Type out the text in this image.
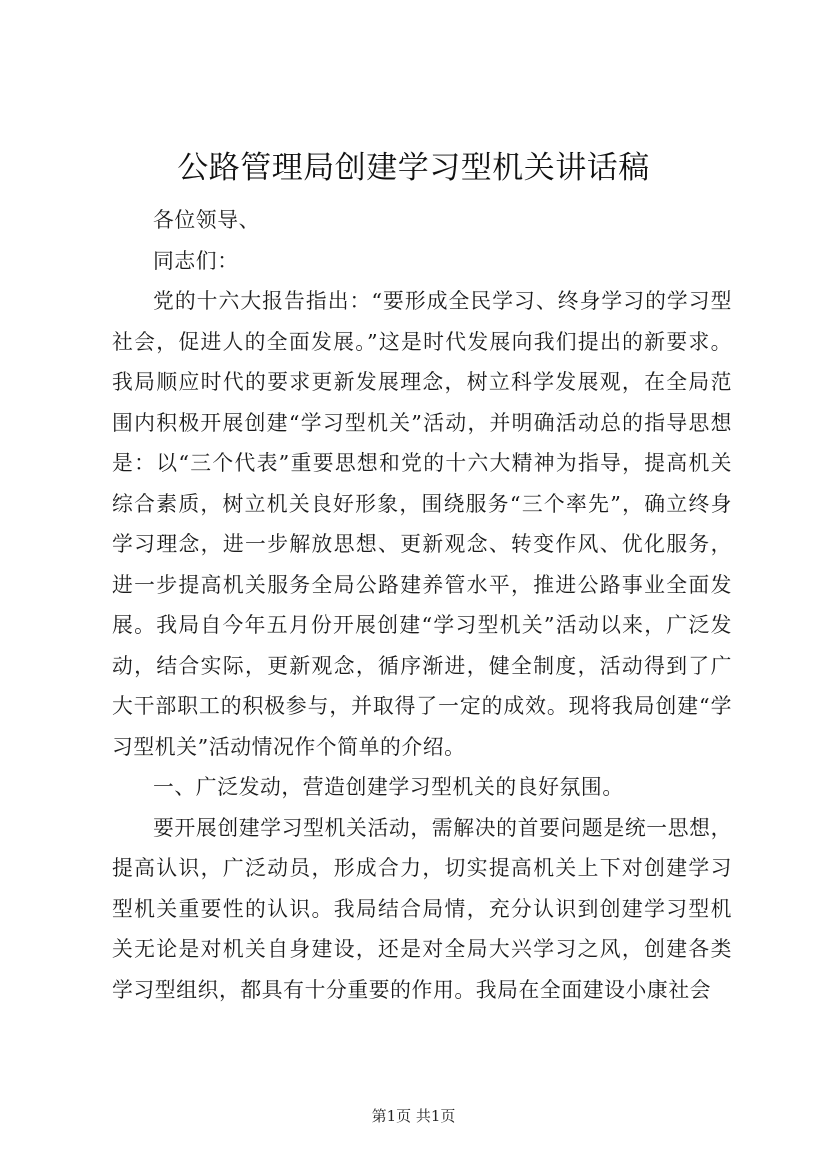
公路管理局创建学习型机关讲话稿

各位领导、

同志们：

党的十六大报告指出：“要形成全民学习、终身学习的学习型社会，促进人的全面发展。”这是时代发展向我们提出的新要求。我局顺应时代的要求更新发展理念，树立科学发展观，在全局范围内积极开展创建“学习型机关”活动，并明确活动总的指导思想是：以“三个代表”重要思想和党的十六大精神为指导，提高机关综合素质，树立机关良好形象，围绕服务“三个率先”，确立终身学习理念，进一步解放思想、更新观念、转变作风、优化服务，进一步提高机关服务全局公路建养管水平，推进公路事业全面发展。我局自今年五月份开展创建“学习型机关”活动以来，广泛发动，结合实际，更新观念，循序渐进，健全制度，活动得到了广大干部职工的积极参与，并取得了一定的成效。现将我局创建“学习型机关”活动情况作个简单的介绍。

一、广泛发动，营造创建学习型机关的良好氛围。

要开展创建学习型机关活动，需解决的首要问题是统一思想，提高认识，广泛动员，形成合力，切实提高机关上下对创建学习型机关重要性的认识。我局结合局情，充分认识到创建学习型机关无论是对机关自身建设，还是对全局大兴学习之风，创建各类学习型组织，都具有十分重要的作用。我局在全面建设小康社会

第1页 共1页
